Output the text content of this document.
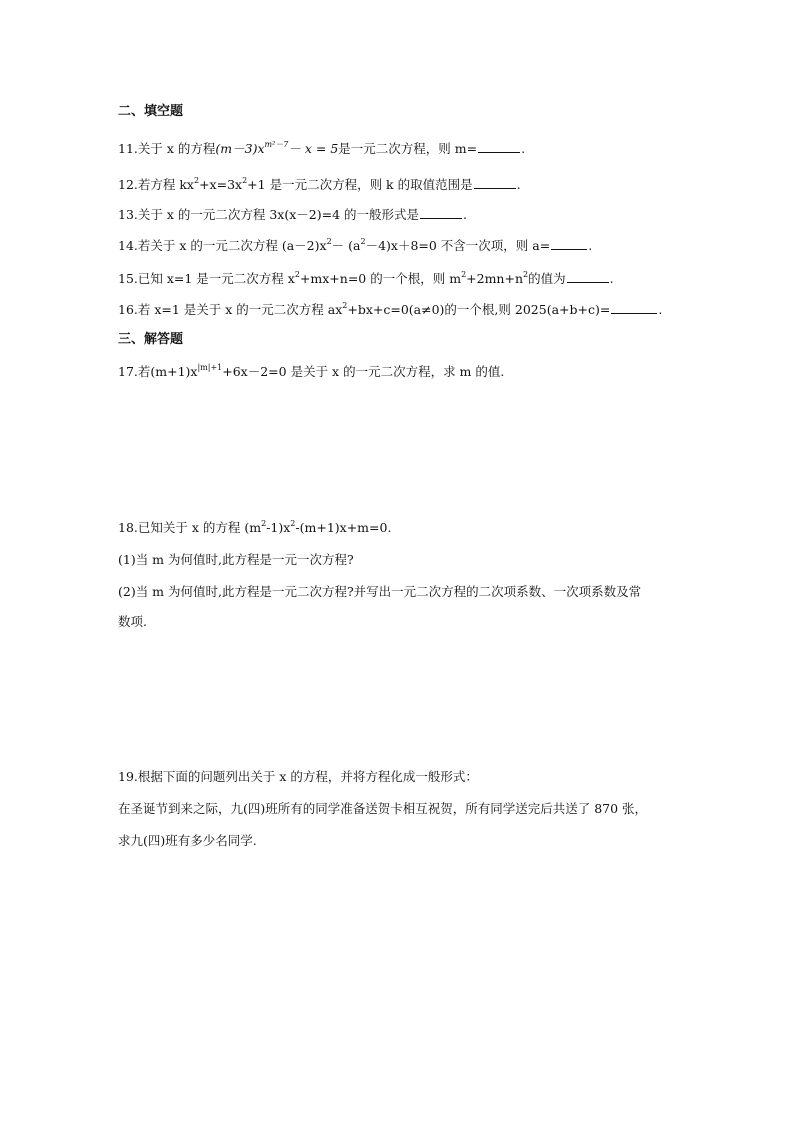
二、填空题
11.关于 x 的方程$(m-3)x^{m^2-7}- x = 5$是一元二次方程，则 m=	.
12.若方程 $kx^2+x=3x^2+1$ 是一元二次方程，则 k 的取值范围是	.
13.关于 x 的一元二次方程 3x(x－2)=4 的一般形式是	.
14.若关于 x 的一元二次方程 $(a-2)x^2- (a^2-4)x+8=0$ 不含一次项，则 a=	.
15.已知 x=1 是一元二次方程 $x^2+mx+n=0$ 的一个根，则 $m^2+2mn+n^2$的值为	.
16.若 x=1 是关于 x 的一元二次方程 $ax^2+bx+c=0(a\ne 0)$的一个根,则 2025(a+b+c)=	.
三、解答题
17.若$(m+1)x^{|m|+1}+6x-2=0$ 是关于 x 的一元二次方程，求 m 的值.
18.已知关于 x 的方程 $(m^2-1)x^2-(m+1)x+m=0$.
(1)当 m 为何值时,此方程是一元一次方程?
(2)当 m 为何值时,此方程是一元二次方程?并写出一元二次方程的二次项系数、一次项系数及常
数项.
19.根据下面的问题列出关于 x 的方程，并将方程化成一般形式：
在圣诞节到来之际，九(四)班所有的同学准备送贺卡相互祝贺，所有同学送完后共送了 870 张，
求九(四)班有多少名同学.
